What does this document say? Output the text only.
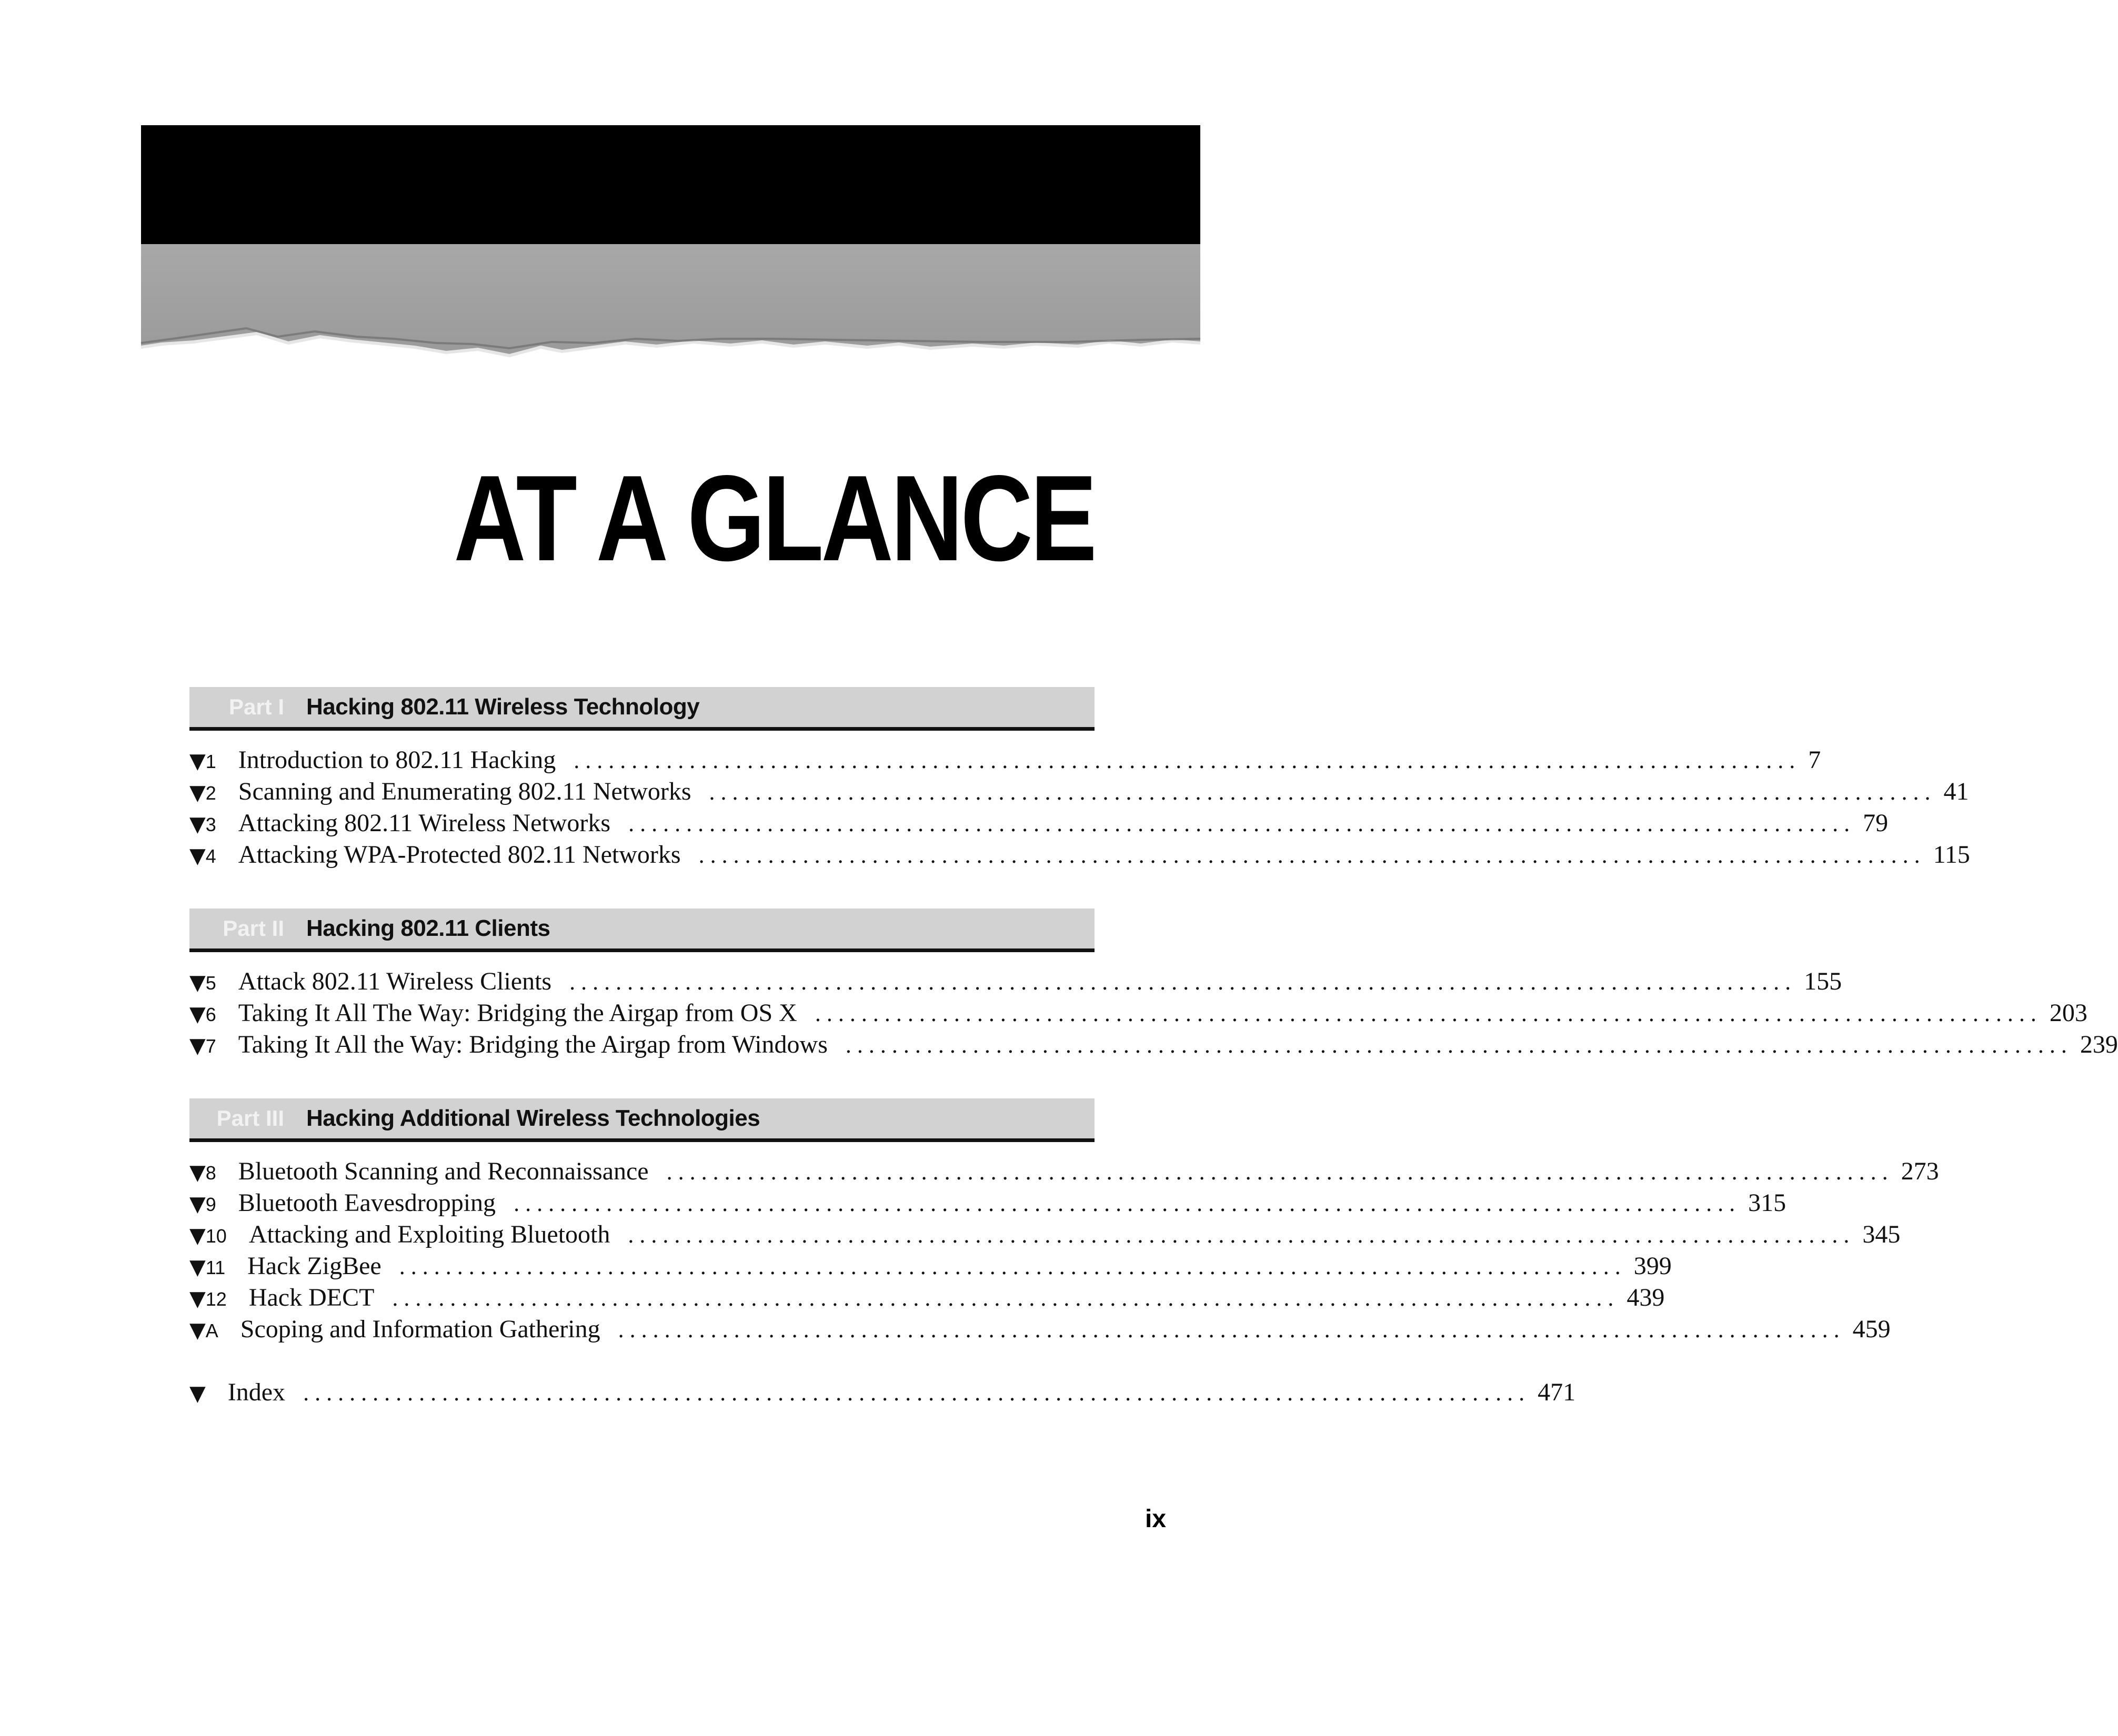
AT A GLANCE
Part I Hacking 802.11 Wireless Technology
▼ 1 Introduction to 802.11 Hacking .......................................................................................................... 7
▼ 2 Scanning and Enumerating 802.11 Networks .......................................................................................................... 41
▼ 3 Attacking 802.11 Wireless Networks .......................................................................................................... 79
▼ 4 Attacking WPA-Protected 802.11 Networks .......................................................................................................... 115
Part II Hacking 802.11 Clients
▼ 5 Attack 802.11 Wireless Clients .......................................................................................................... 155
▼ 6 Taking It All The Way: Bridging the Airgap from OS X .......................................................................................................... 203
▼ 7 Taking It All the Way: Bridging the Airgap from Windows .......................................................................................................... 239
Part III Hacking Additional Wireless Technologies
▼ 8 Bluetooth Scanning and Reconnaissance .......................................................................................................... 273
▼ 9 Bluetooth Eavesdropping .......................................................................................................... 315
▼ 10 Attacking and Exploiting Bluetooth .......................................................................................................... 345
▼ 11 Hack ZigBee .......................................................................................................... 399
▼ 12 Hack DECT .......................................................................................................... 439
▼ A Scoping and Information Gathering .......................................................................................................... 459
▼ Index .......................................................................................................... 471
ix
